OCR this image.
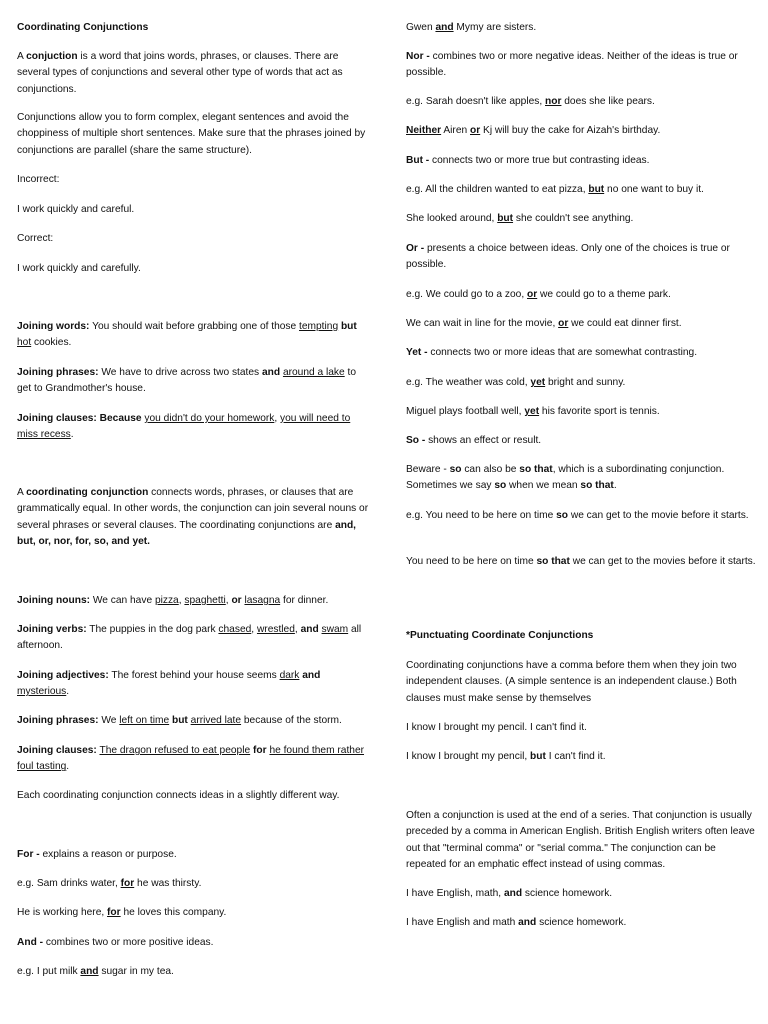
Coordinating Conjunctions

A conjuction is a word that joins words, phrases, or clauses. There are several types of conjunctions and several other type of words that act as conjunctions.

Conjunctions allow you to form complex, elegant sentences and avoid the choppiness of multiple short sentences. Make sure that the phrases joined by conjunctions are parallel (share the same structure).

Incorrect:

I work quickly and careful.

Correct:

I work quickly and carefully.

Joining words: You should wait before grabbing one of those tempting but hot cookies.

Joining phrases: We have to drive across two states and around a lake to get to Grandmother's house.

Joining clauses: Because you didn't do your homework, you will need to miss recess.

A coordinating conjunction connects words, phrases, or clauses that are grammatically equal. In other words, the conjunction can join several nouns or several phrases or several clauses. The coordinating conjunctions are and, but, or, nor, for, so, and yet.

Joining nouns: We can have pizza, spaghetti, or lasagna for dinner.

Joining verbs: The puppies in the dog park chased, wrestled, and swam all afternoon.

Joining adjectives: The forest behind your house seems dark and mysterious.

Joining phrases: We left on time but arrived late because of the storm.

Joining clauses: The dragon refused to eat people for he found them rather foul tasting.

Each coordinating conjunction connects ideas in a slightly different way.

For - explains a reason or purpose.

e.g. Sam drinks water, for he was thirsty.

He is working here, for he loves this company.

And - combines two or more positive ideas.

e.g. I put milk and sugar in my tea.

Gwen and Mymy are sisters.

Nor - combines two or more negative ideas. Neither of the ideas is true or possible.

e.g. Sarah doesn't like apples, nor does she like pears.

Neither Airen or Kj will buy the cake for Aizah's birthday.

But - connects two or more true but contrasting ideas.

e.g. All the children wanted to eat pizza, but no one want to buy it.

She looked around, but she couldn't see anything.

Or - presents a choice between ideas. Only one of the choices is true or possible.

e.g. We could go to a zoo, or we could go to a theme park.

We can wait in line for the movie, or we could eat dinner first.

Yet - connects two or more ideas that are somewhat contrasting.

e.g. The weather was cold, yet bright and sunny.

Miguel plays football well, yet his favorite sport is tennis.

So - shows an effect or result.

Beware - so can also be so that, which is a subordinating conjunction. Sometimes we say so when we mean so that.

e.g. You need to be here on time so we can get to the movie before it starts.

You need to be here on time so that we can get to the movies before it starts.

*Punctuating Coordinate Conjunctions

Coordinating conjunctions have a comma before them when they join two independent clauses. (A simple sentence is an independent clause.) Both clauses must make sense by themselves

I know I brought my pencil. I can't find it.

I know I brought my pencil, but I can't find it.

Often a conjunction is used at the end of a series. That conjunction is usually preceded by a comma in American English. British English writers often leave out that "terminal comma" or "serial comma." The conjunction can be repeated for an emphatic effect instead of using commas.

I have English, math, and science homework.

I have English and math and science homework.
